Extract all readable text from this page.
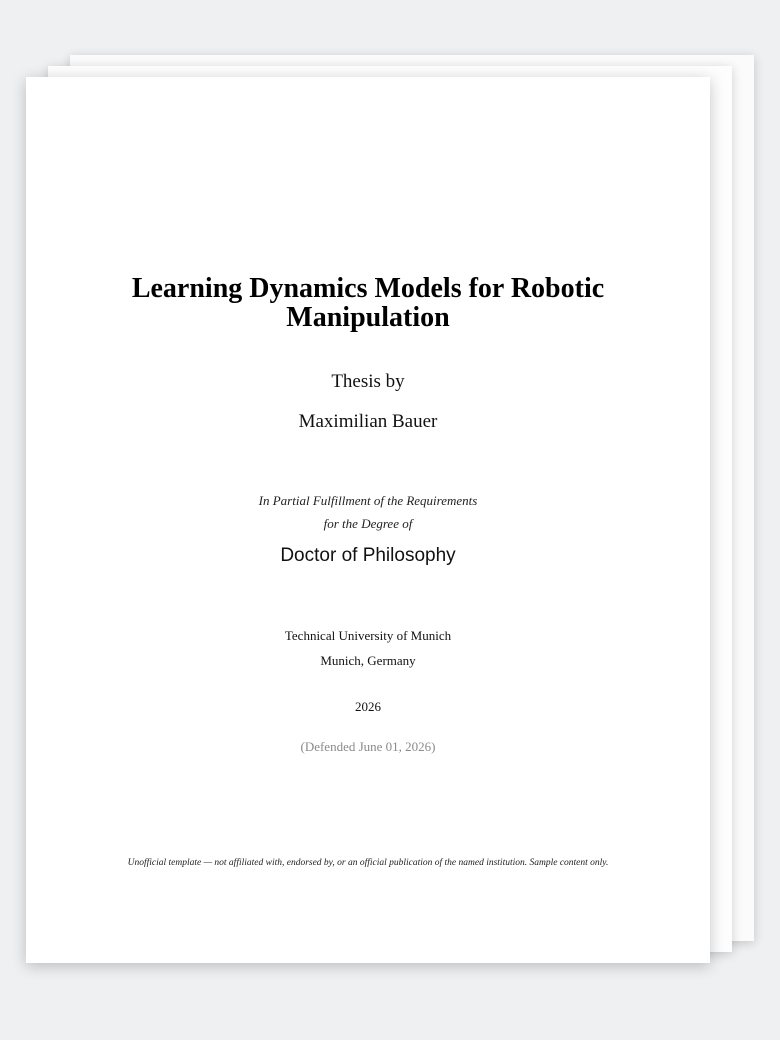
Learning Dynamics Models for Robotic Manipulation
Thesis by
Maximilian Bauer
In Partial Fulfillment of the Requirements
for the Degree of
Doctor of Philosophy
Technical University of Munich
Munich, Germany
2026
(Defended June 01, 2026)
Unofficial template — not affiliated with, endorsed by, or an official publication of the named institution. Sample content only.
